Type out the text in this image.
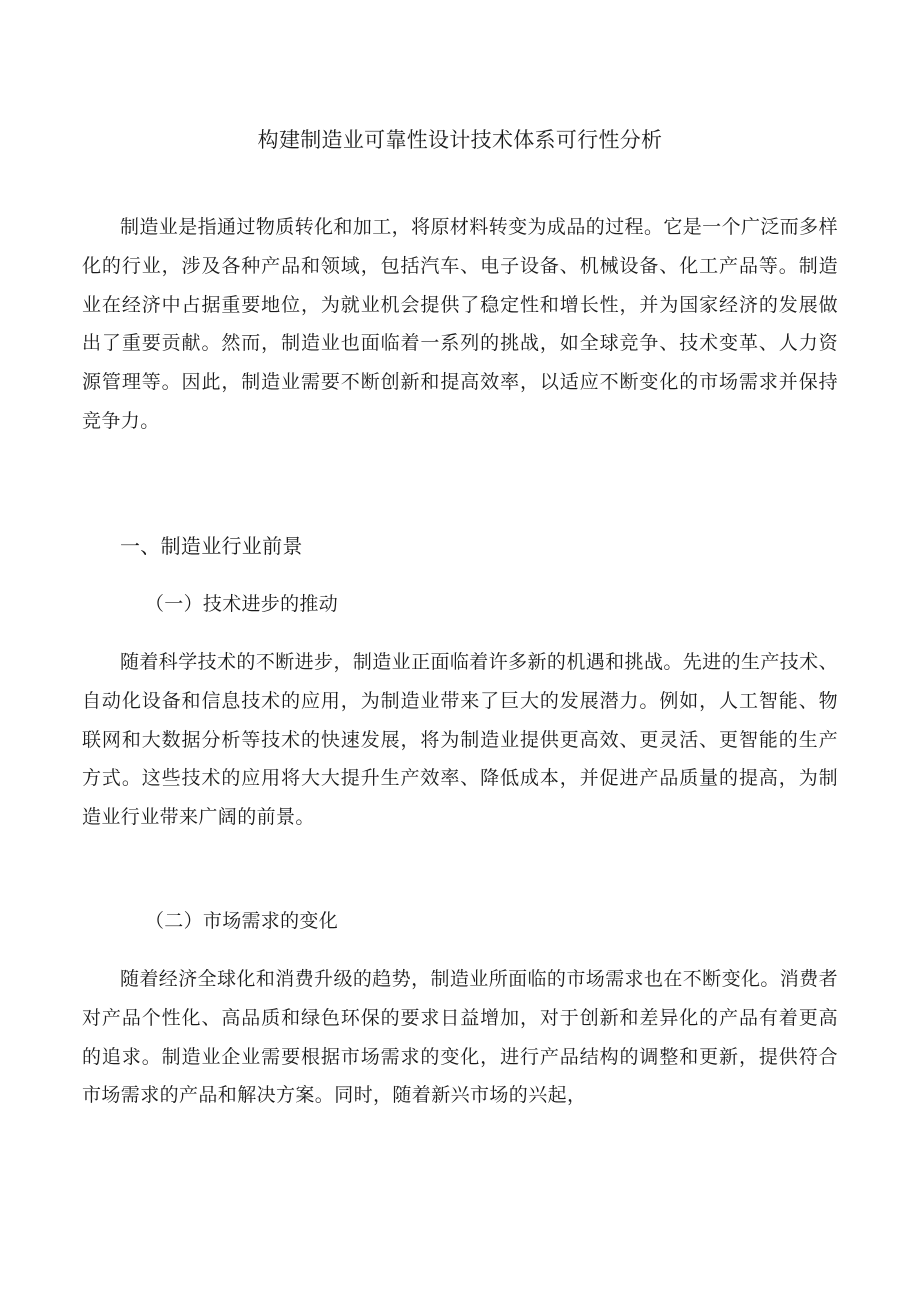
构建制造业可靠性设计技术体系可行性分析

制造业是指通过物质转化和加工，将原材料转变为成品的过程。它是一个广泛而多样化的行业，涉及各种产品和领域，包括汽车、电子设备、机械设备、化工产品等。制造业在经济中占据重要地位，为就业机会提供了稳定性和增长性，并为国家经济的发展做出了重要贡献。然而，制造业也面临着一系列的挑战，如全球竞争、技术变革、人力资源管理等。因此，制造业需要不断创新和提高效率，以适应不断变化的市场需求并保持竞争力。

一、制造业行业前景
（一）技术进步的推动

随着科学技术的不断进步，制造业正面临着许多新的机遇和挑战。先进的生产技术、自动化设备和信息技术的应用，为制造业带来了巨大的发展潜力。例如，人工智能、物联网和大数据分析等技术的快速发展，将为制造业提供更高效、更灵活、更智能的生产方式。这些技术的应用将大大提升生产效率、降低成本，并促进产品质量的提高，为制造业行业带来广阔的前景。

（二）市场需求的变化

随着经济全球化和消费升级的趋势，制造业所面临的市场需求也在不断变化。消费者对产品个性化、高品质和绿色环保的要求日益增加，对于创新和差异化的产品有着更高的追求。制造业企业需要根据市场需求的变化，进行产品结构的调整和更新，提供符合市场需求的产品和解决方案。同时，随着新兴市场的兴起，
